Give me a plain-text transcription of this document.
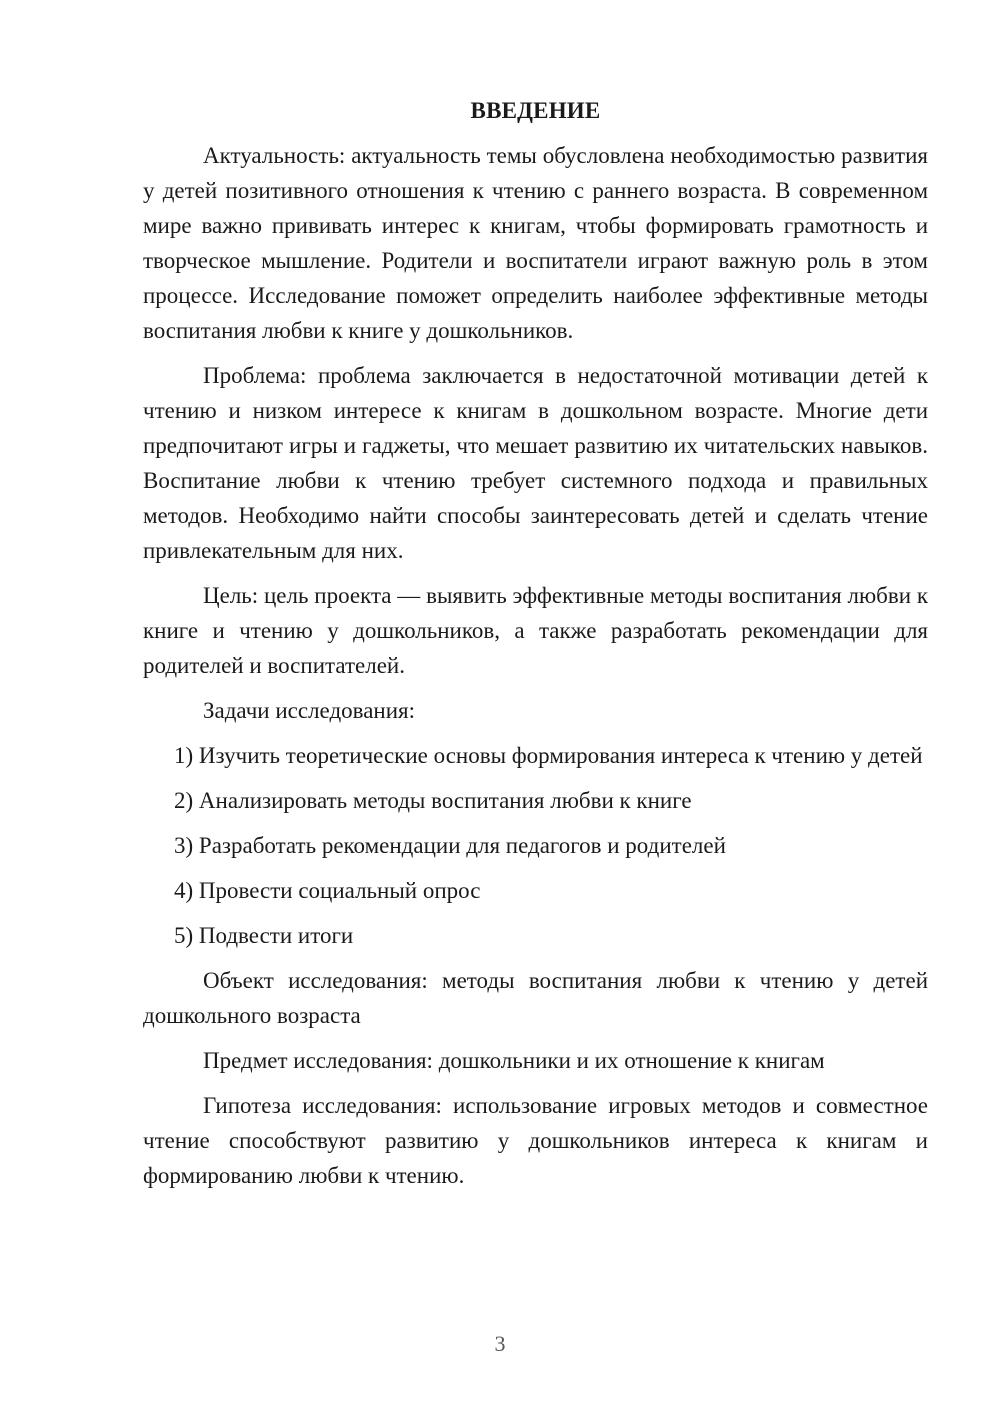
ВВЕДЕНИЕ

Актуальность: актуальность темы обусловлена необходимостью развития у детей позитивного отношения к чтению с раннего возраста. В современном мире важно прививать интерес к книгам, чтобы формировать грамотность и творческое мышление. Родители и воспитатели играют важную роль в этом процессе. Исследование поможет определить наиболее эффективные методы воспитания любви к книге у дошкольников.

Проблема: проблема заключается в недостаточной мотивации детей к чтению и низком интересе к книгам в дошкольном возрасте. Многие дети предпочитают игры и гаджеты, что мешает развитию их читательских навыков. Воспитание любви к чтению требует системного подхода и правильных методов. Необходимо найти способы заинтересовать детей и сделать чтение привлекательным для них.

Цель: цель проекта — выявить эффективные методы воспитания любви к книге и чтению у дошкольников, а также разработать рекомендации для родителей и воспитателей.

Задачи исследования:

1) Изучить теоретические основы формирования интереса к чтению у детей

2) Анализировать методы воспитания любви к книге

3) Разработать рекомендации для педагогов и родителей

4) Провести социальный опрос

5) Подвести итоги

Объект исследования: методы воспитания любви к чтению у детей дошкольного возраста

Предмет исследования: дошкольники и их отношение к книгам

Гипотеза исследования: использование игровых методов и совместное чтение способствуют развитию у дошкольников интереса к книгам и формированию любви к чтению.

3
